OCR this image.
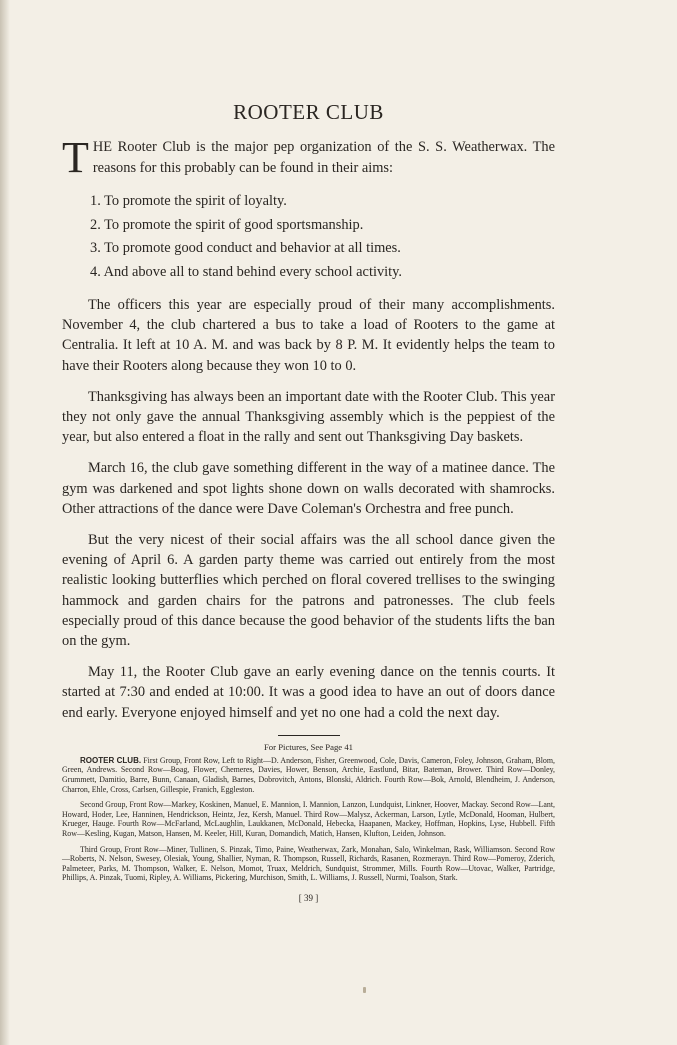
ROOTER CLUB

THE Rooter Club is the major pep organization of the S. S. Weatherwax. The reasons for this probably can be found in their aims:

1. To promote the spirit of loyalty.
2. To promote the spirit of good sportsmanship.
3. To promote good conduct and behavior at all times.
4. And above all to stand behind every school activity.

The officers this year are especially proud of their many accomplishments. November 4, the club chartered a bus to take a load of Rooters to the game at Centralia. It left at 10 A. M. and was back by 8 P. M. It evidently helps the team to have their Rooters along because they won 10 to 0.

Thanksgiving has always been an important date with the Rooter Club. This year they not only gave the annual Thanksgiving assembly which is the peppiest of the year, but also entered a float in the rally and sent out Thanksgiving Day baskets.

March 16, the club gave something different in the way of a matinee dance. The gym was darkened and spot lights shone down on walls decorated with shamrocks. Other attractions of the dance were Dave Coleman's Orchestra and free punch.

But the very nicest of their social affairs was the all school dance given the evening of April 6. A garden party theme was carried out entirely from the most realistic looking butterflies which perched on floral covered trellises to the swinging hammock and garden chairs for the patrons and patronesses. The club feels especially proud of this dance because the good behavior of the students lifts the ban on the gym.

May 11, the Rooter Club gave an early evening dance on the tennis courts. It started at 7:30 and ended at 10:00. It was a good idea to have an out of doors dance end early. Everyone enjoyed himself and yet no one had a cold the next day.

For Pictures, See Page 41

ROOTER CLUB. First Group, Front Row, Left to Right—D. Anderson, Fisher, Greenwood, Cole, Davis, Cameron, Foley, Johnson, Graham, Blom, Green, Andrews. Second Row—Boag, Flower, Chemeres, Davies, Hower, Benson, Archie, Eastlund, Bitar, Bateman, Brower. Third Row—Donley, Grummett, Damitio, Barre, Bunn, Canaan, Gladish, Barnes, Dobrovitch, Antons, Blonski, Aldrich. Fourth Row—Bok, Arnold, Blendheim, J. Anderson, Charron, Ehle, Cross, Carlsen, Gillespie, Franich, Eggleston.

Second Group, Front Row—Markey, Koskinen, Manuel, E. Mannion, I. Mannion, Lanzon, Lundquist, Linkner, Hoover, Mackay. Second Row—Lant, Howard, Hoder, Lee, Hanninen, Hendrickson, Heintz, Jez, Kersh, Manuel. Third Row—Malysz, Ackerman, Larson, Lytle, McDonald, Hooman, Hulbert, Krueger, Hauge. Fourth Row—McFarland, McLaughlin, Laukkanen, McDonald, Hebecka, Haapanen, Mackey, Hoffman, Hopkins, Lyse, Hubbell. Fifth Row—Kesling, Kugan, Matson, Hansen, M. Keeler, Hill, Kuran, Domandich, Matich, Hansen, Klufton, Leiden, Johnson.

Third Group, Front Row—Miner, Tullinen, S. Pinzak, Timo, Paine, Weatherwax, Zark, Monahan, Salo, Winkelman, Rask, Williamson. Second Row—Roberts, N. Nelson, Swesey, Olesiak, Young, Shallier, Nyman, R. Thompson, Russell, Richards, Rasanen, Rozmerayn. Third Row—Pomeroy, Zderich, Palmeteer, Parks, M. Thompson, Walker, E. Nelson, Momot, Truax, Meldrich, Sundquist, Strommer, Mills. Fourth Row—Utovac, Walker, Partridge, Phillips, A. Pinzak, Tuomi, Ripley, A. Williams, Pickering, Murchison, Smith, L. Williams, J. Russell, Nurmi, Toalson, Stark.

[ 39 ]
